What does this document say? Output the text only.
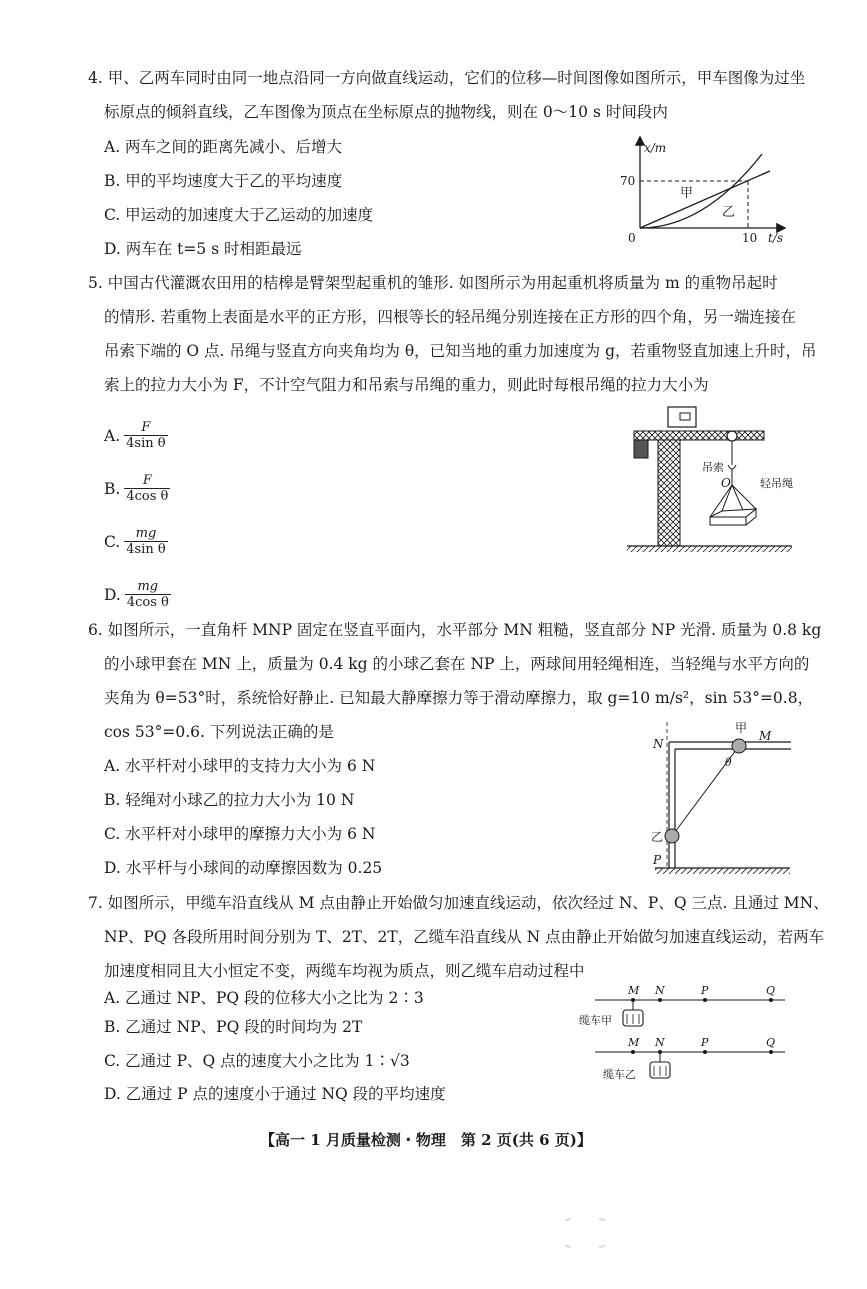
4. 甲、乙两车同时由同一地点沿同一方向做直线运动，它们的位移—时间图像如图所示，甲车图像为过坐
标原点的倾斜直线，乙车图像为顶点在坐标原点的抛物线，则在 0～10 s 时间段内
A. 两车之间的距离先减小、后增大
B. 甲的平均速度大于乙的平均速度
C. 甲运动的加速度大于乙运动的加速度
D. 两车在 t=5 s 时相距最远
x/m
70
0	10 t/s
甲
乙
5. 中国古代灌溉农田用的桔槔是臂架型起重机的雏形. 如图所示为用起重机将质量为 m 的重物吊起时
的情形. 若重物上表面是水平的正方形，四根等长的轻吊绳分别连接在正方形的四个角，另一端连接在
吊索下端的 O 点. 吊绳与竖直方向夹角均为 θ，已知当地的重力加速度为 g，若重物竖直加速上升时，吊
索上的拉力大小为 F，不计空气阻力和吊索与吊绳的重力，则此时每根吊绳的拉力大小为
A. $\frac{F}{\text{4sin θ}}$
B. $\frac{F}{\text{4cos θ}}$
C. $\frac{mg}{\text{4sin θ}}$
D. $\frac{mg}{\text{4cos θ}}$
吊索
O	轻吊绳
6. 如图所示，一直角杆 MNP 固定在竖直平面内，水平部分 MN 粗糙，竖直部分 NP 光滑. 质量为 0.8 kg
的小球甲套在 MN 上，质量为 0.4 kg 的小球乙套在 NP 上，两球间用轻绳相连，当轻绳与水平方向的
夹角为 θ=53°时，系统恰好静止. 已知最大静摩擦力等于滑动摩擦力，取 g=10 m/s²，sin 53°=0.8，
cos 53°=0.6. 下列说法正确的是
A. 水平杆对小球甲的支持力大小为 6 N
B. 轻绳对小球乙的拉力大小为 10 N
C. 水平杆对小球甲的摩擦力大小为 6 N
D. 水平杆与小球间的动摩擦因数为 0.25
甲
M
N
θ
乙
P
7. 如图所示，甲缆车沿直线从 M 点由静止开始做匀加速直线运动，依次经过 N、P、Q 三点. 且通过 MN、
NP、PQ 各段所用时间分别为 T、2T、2T，乙缆车沿直线从 N 点由静止开始做匀加速直线运动，若两车
加速度相同且大小恒定不变，两缆车均视为质点，则乙缆车启动过程中
A. 乙通过 NP、PQ 段的位移大小之比为 2∶3
B. 乙通过 NP、PQ 段的时间均为 2T
C. 乙通过 P、Q 点的速度大小之比为 1∶√3
D. 乙通过 P 点的速度小于通过 NQ 段的平均速度
M N	P	Q
缆车甲
M N	P	Q
缆车乙
【高一 1 月质量检测・物理　第 2 页(共 6 页)】
